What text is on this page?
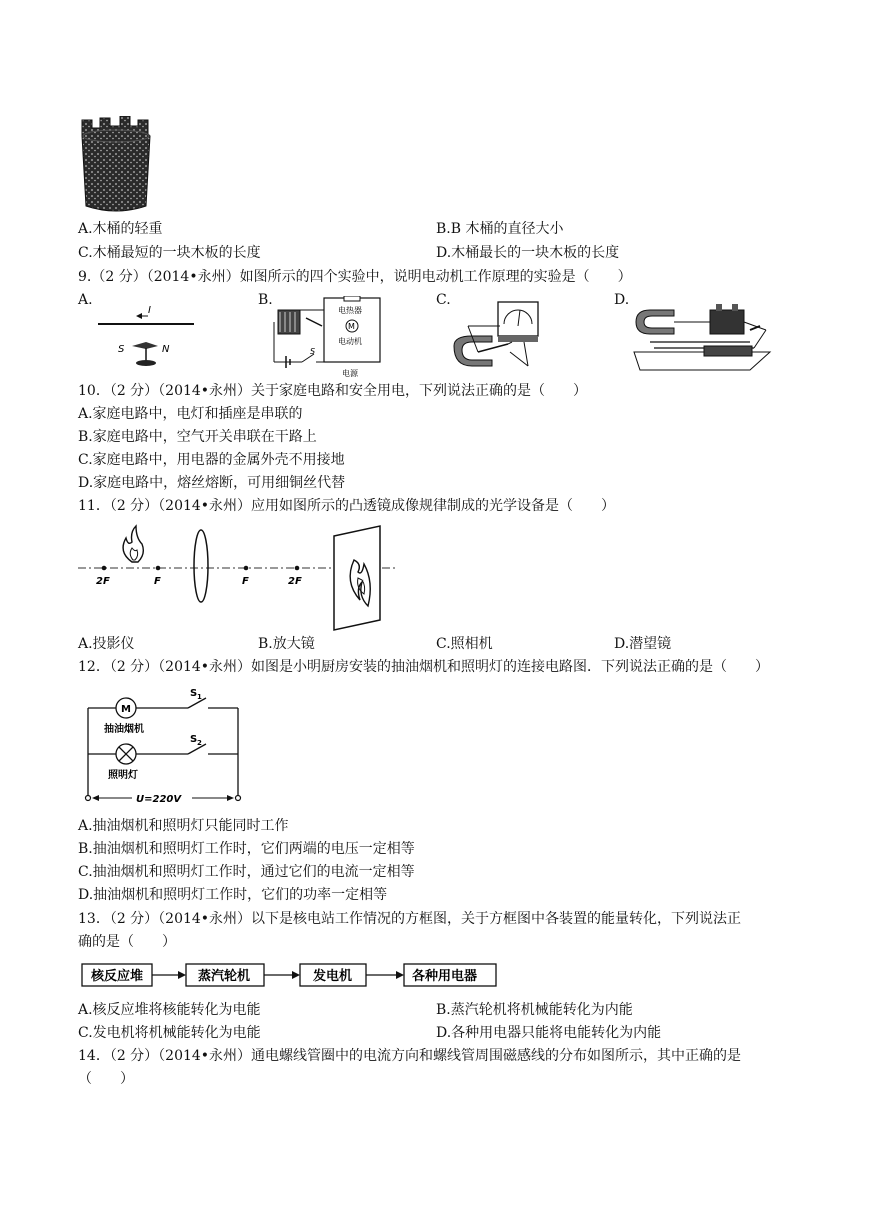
A.木桶的轻重	B.B 木桶的直径大小
C.木桶最短的一块木板的长度	D.木桶最长的一块木板的长度
9.（2 分）（2014•永州）如图所示的四个实验中，说明电动机工作原理的实验是（　　）
A.	B.	C.	D.
I
S	N
电热器
M
电动机
S
电源
10．（2 分）（2014•永州）关于家庭电路和安全用电，下列说法正确的是（　　）
A.家庭电路中，电灯和插座是串联的
B.家庭电路中，空气开关串联在干路上
C.家庭电路中，用电器的金属外壳不用接地
D.家庭电路中，熔丝熔断，可用细铜丝代替
11．（2 分）（2014•永州）应用如图所示的凸透镜成像规律制成的光学设备是（　　）
2F	F	F	2F
A.投影仪	B.放大镜	C.照相机	D.潜望镜
12．（2 分）（2014•永州）如图是小明厨房安装的抽油烟机和照明灯的连接电路图．下列说法正确的是（　　）
M
S 1
抽油烟机
S 2
照明灯
U=220V
A.抽油烟机和照明灯只能同时工作
B.抽油烟机和照明灯工作时，它们两端的电压一定相等
C.抽油烟机和照明灯工作时，通过它们的电流一定相等
D.抽油烟机和照明灯工作时，它们的功率一定相等
13．（2 分）（2014•永州）以下是核电站工作情况的方框图，关于方框图中各装置的能量转化，下列说法正
确的是（　　）
核反应堆	蒸汽轮机	发电机	各种用电器
A.核反应堆将核能转化为电能	B.蒸汽轮机将机械能转化为内能
C.发电机将机械能转化为电能	D.各种用电器只能将电能转化为内能
14．（2 分）（2014•永州）通电螺线管圈中的电流方向和螺线管周围磁感线的分布如图所示，其中正确的是
（　　）
